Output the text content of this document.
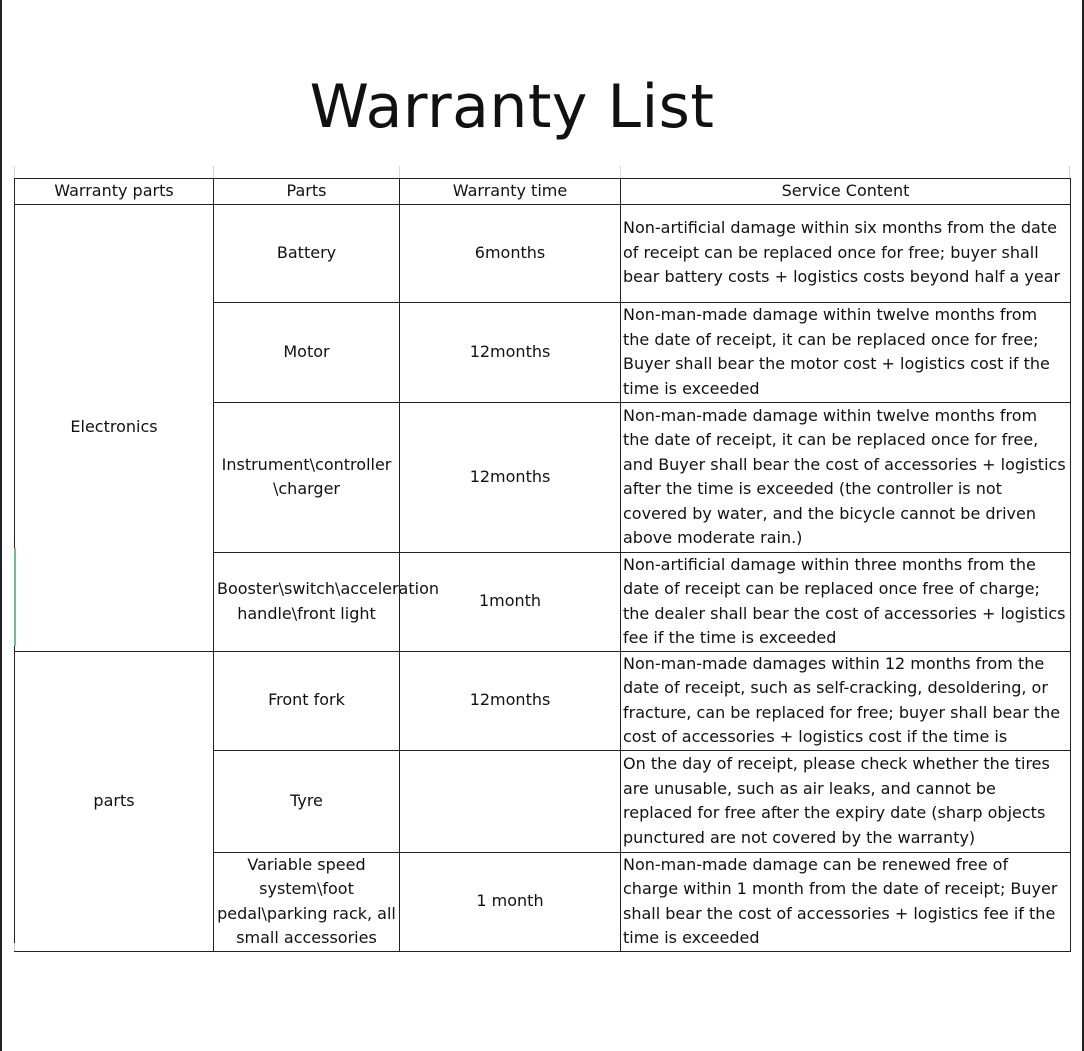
Warranty List
Warranty parts	Parts	Warranty time	Service Content
Electronics	Battery	6months	Non-artificial damage within six months from the date of receipt can be replaced once for free; buyer shall bear battery costs + logistics costs beyond half a year
	Motor	12months	Non-man-made damage within twelve months from the date of receipt, it can be replaced once for free; Buyer shall bear the motor cost + logistics cost if the time is exceeded
	Instrument\controller \charger	12months	Non-man-made damage within twelve months from the date of receipt, it can be replaced once for free, and Buyer shall bear the cost of accessories + logistics after the time is exceeded (the controller is not covered by water, and the bicycle cannot be driven above moderate rain.)
	Booster\switch\acceleration handle\front light	1month	Non-artificial damage within three months from the date of receipt can be replaced once free of charge; the dealer shall bear the cost of accessories + logistics fee if the time is exceeded
parts	Front fork	12months	Non-man-made damages within 12 months from the date of receipt, such as self-cracking, desoldering, or fracture, can be replaced for free; buyer shall bear the cost of accessories + logistics cost if the time is
	Tyre		On the day of receipt, please check whether the tires are unusable, such as air leaks, and cannot be replaced for free after the expiry date (sharp objects punctured are not covered by the warranty)
	Variable speed system\foot pedal\parking rack, all small accessories	1 month	Non-man-made damage can be renewed free of charge within 1 month from the date of receipt; Buyer shall bear the cost of accessories + logistics fee if the time is exceeded
